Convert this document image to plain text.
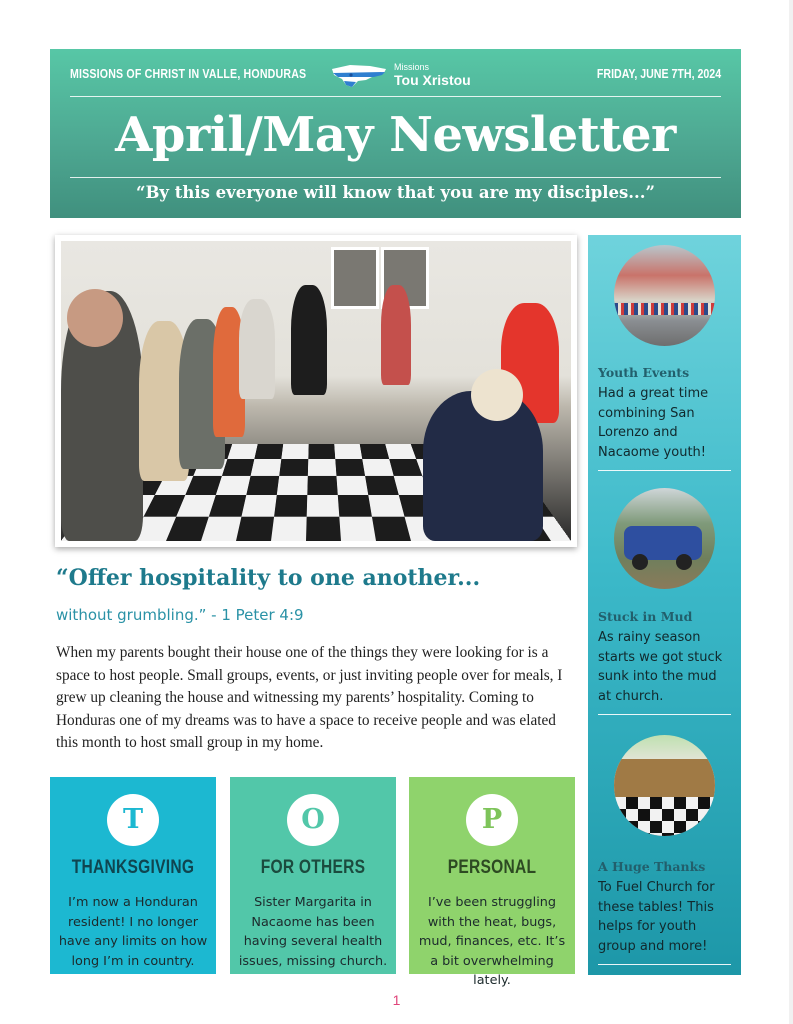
MISSIONS OF CHRIST IN VALLE, HONDURAS	Missions
Tou Xristou	FRIDAY, JUNE 7TH, 2024
April/May Newsletter
“By this everyone will know that you are my disciples...”
“Offer hospitality to one another...
without grumbling.” - 1 Peter 4:9
When my parents bought their house one of the things they were looking for is a space to host people. Small groups, events, or just inviting people over for meals, I grew up cleaning the house and witnessing my parents’ hospitality. Coming to Honduras one of my dreams was to have a space to receive people and was elated this month to host small group in my home.
T
THANKSGIVING
I’m now a Honduran resident! I no longer have any limits on how long I’m in country.
O
FOR OTHERS
Sister Margarita in Nacaome has been having several health issues, missing church.
P
PERSONAL
I’ve been struggling with the heat, bugs, mud, finances, etc. It’s a bit overwhelming lately.
Youth Events
Had a great time combining San Lorenzo and Nacaome youth!
Stuck in Mud
As rainy season starts we got stuck sunk into the mud at church.
A Huge Thanks
To Fuel Church for these tables! This helps for youth group and more!
1
